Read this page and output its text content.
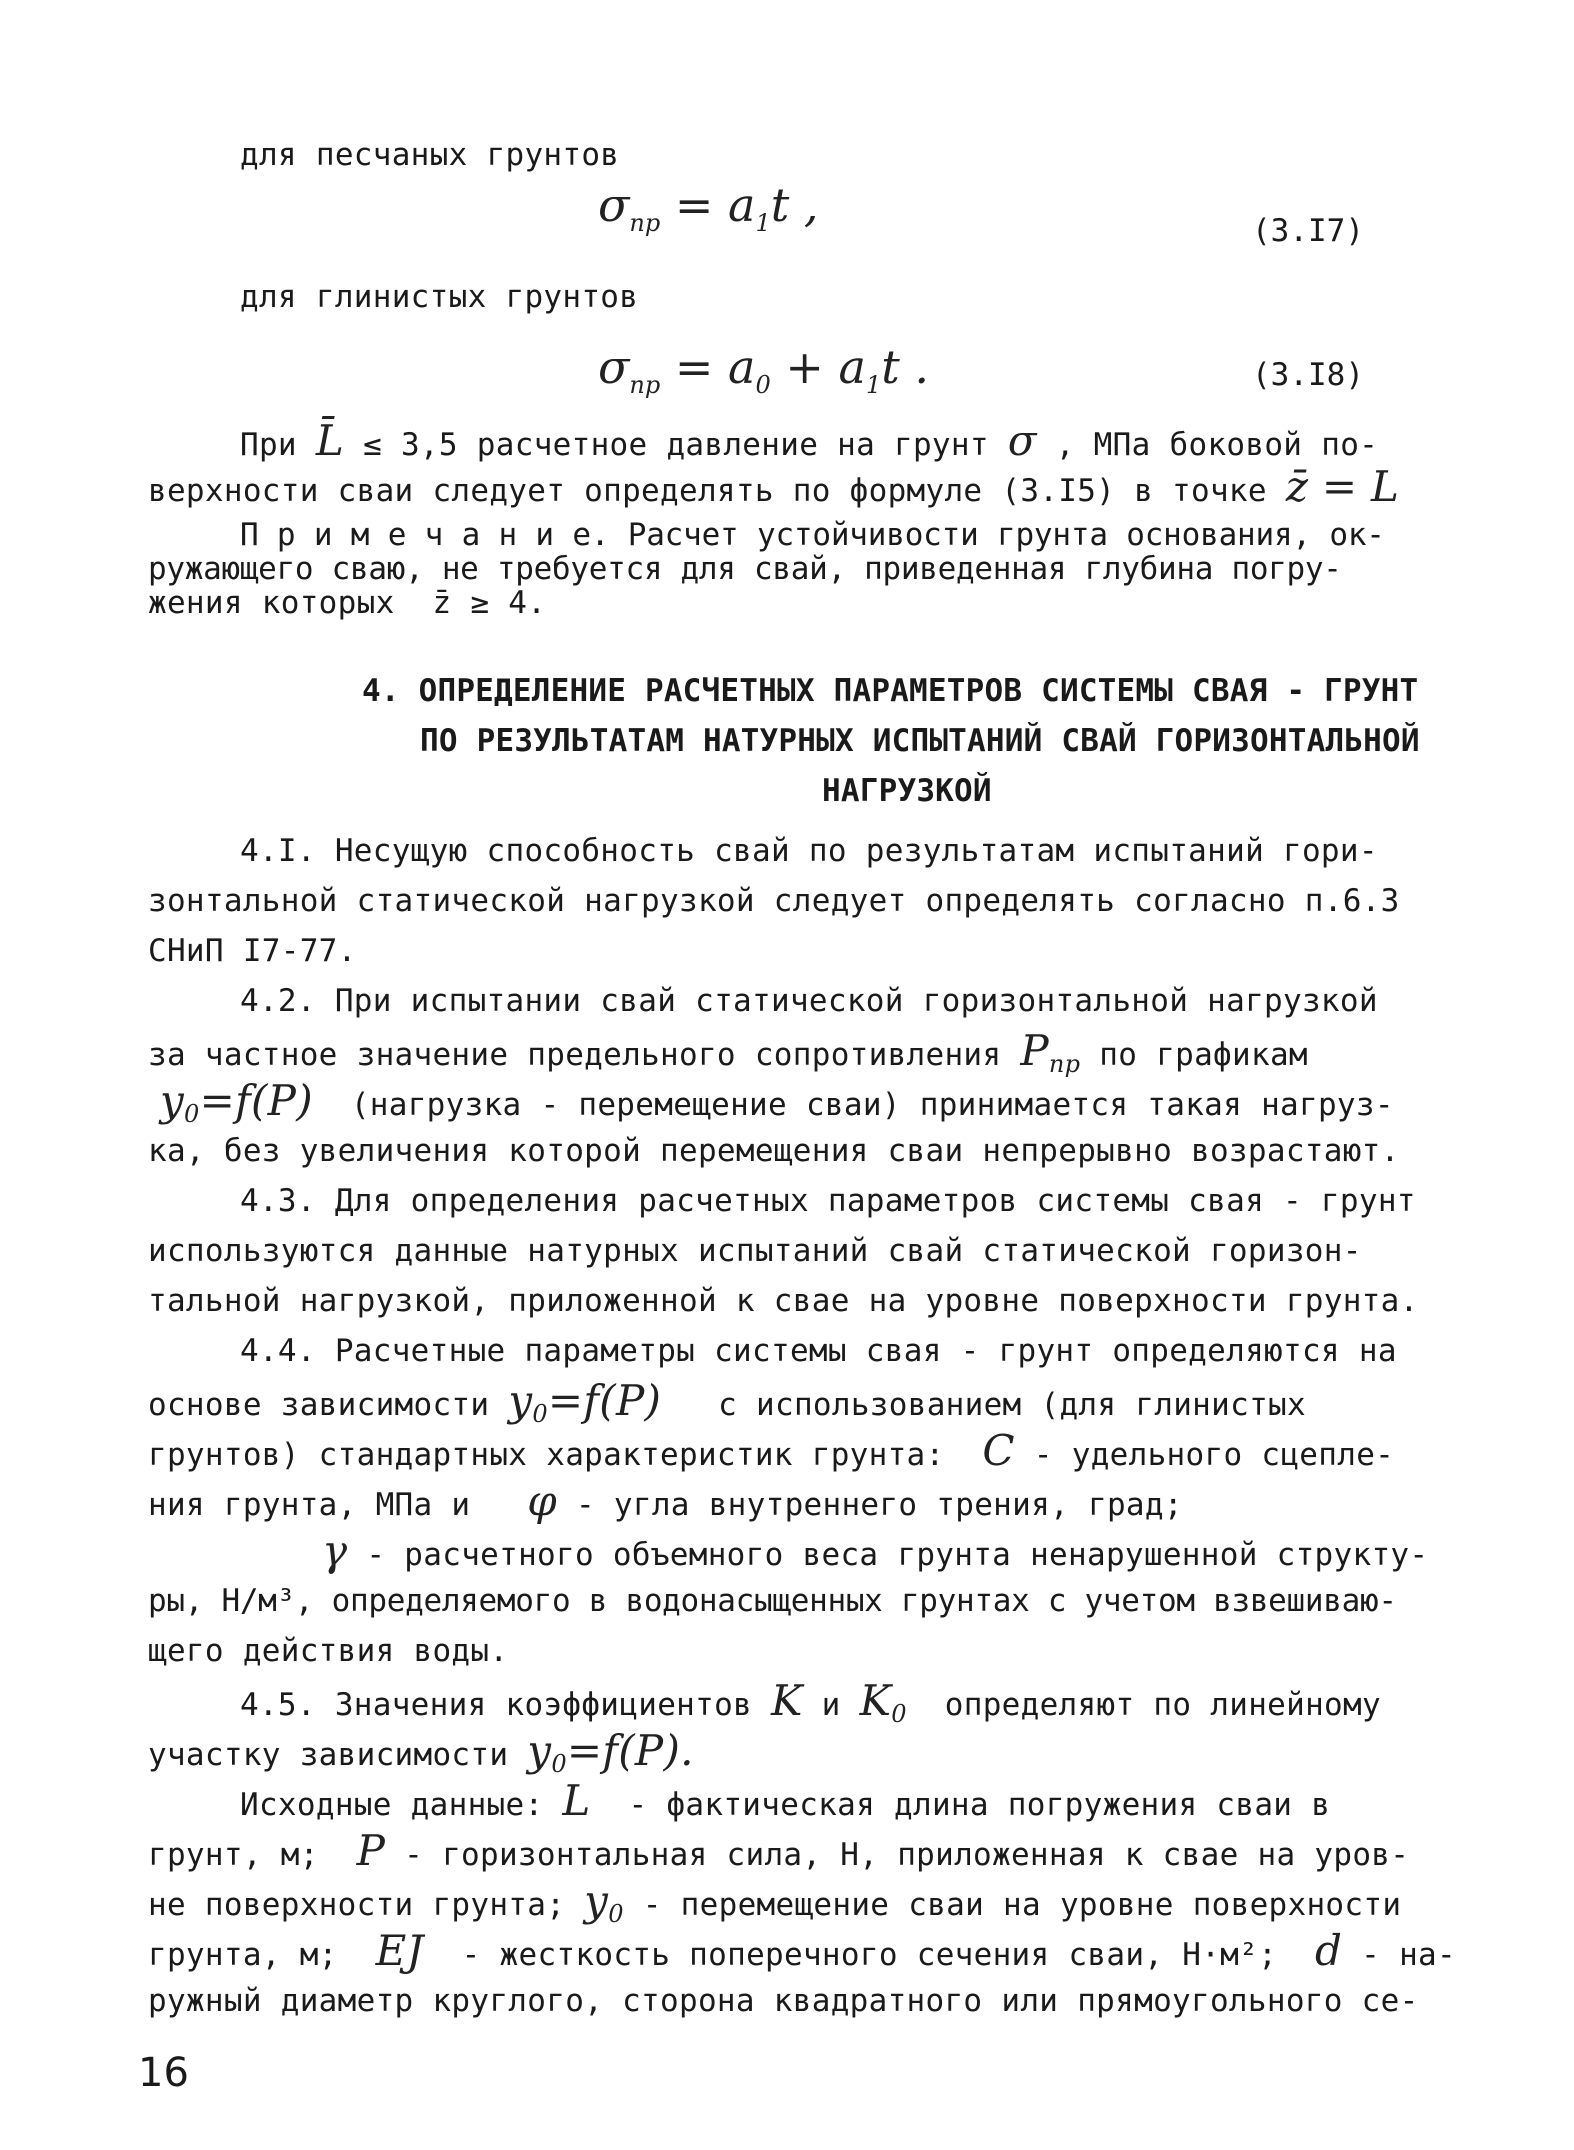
для песчаных грунтов
$\sigma_{пр} = a_1t$ ,	(3.I7)
для глинистых грунтов
$\sigma_{пр} = a_0 + a_1t$ .	(3.I8)
При L̄ ≤ 3,5 расчетное давление на грунт σ , МПа боковой по-
верхности сваи следует определять по формуле (3.I5) в точке z̄ = L
П р и м е ч а н и е. Расчет устойчивости грунта основания, ок-
ружающего сваю, не требуется для свай, приведенная глубина погру-
жения которых  z̄ ≥ 4.
4. ОПРЕДЕЛЕНИЕ РАСЧЕТНЫХ ПАРАМЕТРОВ СИСТЕМЫ СВАЯ - ГРУНТ
ПО РЕЗУЛЬТАТАМ НАТУРНЫХ ИСПЫТАНИЙ СВАЙ ГОРИЗОНТАЛЬНОЙ
НАГРУЗКОЙ
4.I. Несущую способность свай по результатам испытаний гори-
зонтальной статической нагрузкой следует определять согласно п.6.3
СНиП I7-77.
4.2. При испытании свай статической горизонтальной нагрузкой
за частное значение предельного сопротивления $P_{пр}$ по графикам
$y_0=f(P)$  (нагрузка - перемещение сваи) принимается такая нагруз-
ка, без увеличения которой перемещения сваи непрерывно возрастают.
4.3. Для определения расчетных параметров системы свая - грунт
используются данные натурных испытаний свай статической горизон-
тальной нагрузкой, приложенной к свае на уровне поверхности грунта.
4.4. Расчетные параметры системы свая - грунт определяются на
основе зависимости $y_0=f(P)$   с использованием (для глинистых
грунтов) стандартных характеристик грунта:  C - удельного сцепле-
ния грунта, МПа и   φ - угла внутреннего трения, град;
γ - расчетного объемного веса грунта ненарушенной структу-
ры, Н/м³, определяемого в водонасыщенных грунтах с учетом взвешиваю-
щего действия воды.
4.5. Значения коэффициентов K и $K_0$  определяют по линейному
участку зависимости $y_0=f(P)$.
Исходные данные: L  - фактическая длина погружения сваи в
грунт, м;  P - горизонтальная сила, Н, приложенная к свае на уров-
не поверхности грунта; $y_0$ - перемещение сваи на уровне поверхности
грунта, м;  EJ  - жесткость поперечного сечения сваи, Н·м²;  d - на-
ружный диаметр круглого, сторона квадратного или прямоугольного се-
16
